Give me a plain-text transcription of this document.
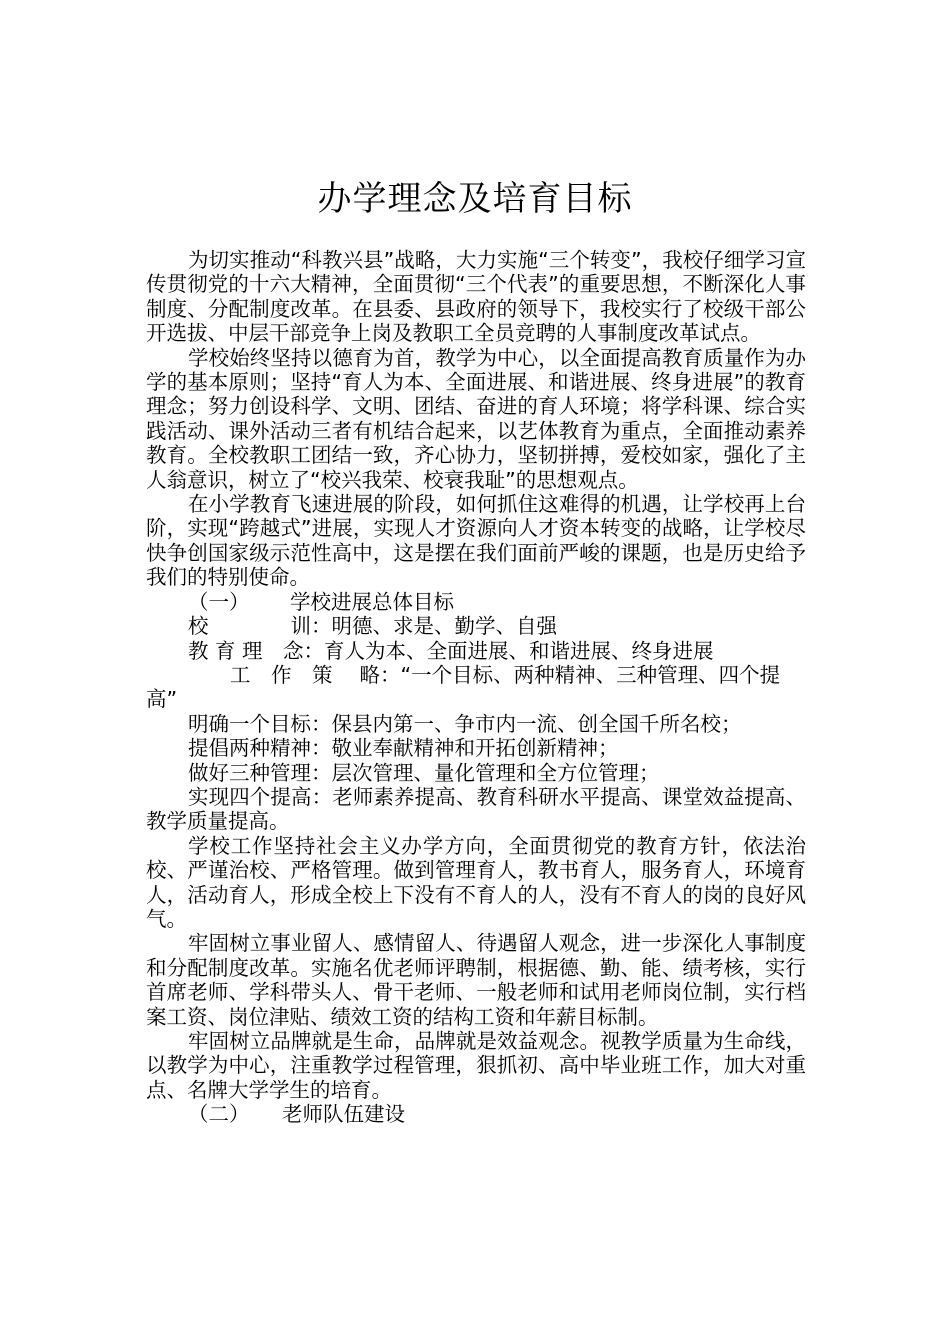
办学理念及培育目标

为切实推动“科教兴县”战略，大力实施“三个转变”，我校仔细学习宣传贯彻党的十六大精神，全面贯彻“三个代表”的重要思想，不断深化人事制度、分配制度改革。在县委、县政府的领导下，我校实行了校级干部公开选拔、中层干部竞争上岗及教职工全员竞聘的人事制度改革试点。

学校始终坚持以德育为首，教学为中心，以全面提高教育质量作为办学的基本原则；坚持“育人为本、全面进展、和谐进展、终身进展”的教育理念；努力创设科学、文明、团结、奋进的育人环境；将学科课、综合实践活动、课外活动三者有机结合起来，以艺体教育为重点，全面推动素养教育。全校教职工团结一致，齐心协力，坚韧拼搏，爱校如家，强化了主人翁意识，树立了“校兴我荣、校衰我耻”的思想观点。

在小学教育飞速进展的阶段，如何抓住这难得的机遇，让学校再上台阶，实现“跨越式”进展，实现人才资源向人才资本转变的战略，让学校尽快争创国家级示范性高中，这是摆在我们面前严峻的课题，也是历史给予我们的特别使命。

（一） 学校进展总体目标

校　　　　训：明德、求是、勤学、自强

教 育 理　念：育人为本、全面进展、和谐进展、终身进展

工　作　策　 略：“一个目标、两种精神、三种管理、四个提高”

明确一个目标：保县内第一、争市内一流、创全国千所名校；

提倡两种精神：敬业奉献精神和开拓创新精神；

做好三种管理：层次管理、量化管理和全方位管理；

实现四个提高：老师素养提高、教育科研水平提高、课堂效益提高、教学质量提高。

学校工作坚持社会主义办学方向，全面贯彻党的教育方针，依法治校、严谨治校、严格管理。做到管理育人，教书育人，服务育人，环境育人，活动育人，形成全校上下没有不育人的人，没有不育人的岗的良好风气。

牢固树立事业留人、感情留人、待遇留人观念，进一步深化人事制度和分配制度改革。实施名优老师评聘制，根据德、勤、能、绩考核，实行首席老师、学科带头人、骨干老师、一般老师和试用老师岗位制，实行档案工资、岗位津贴、绩效工资的结构工资和年薪目标制。

牢固树立品牌就是生命，品牌就是效益观念。视教学质量为生命线，以教学为中心，注重教学过程管理，狠抓初、高中毕业班工作，加大对重点、名牌大学学生的培育。

（二） 老师队伍建设
